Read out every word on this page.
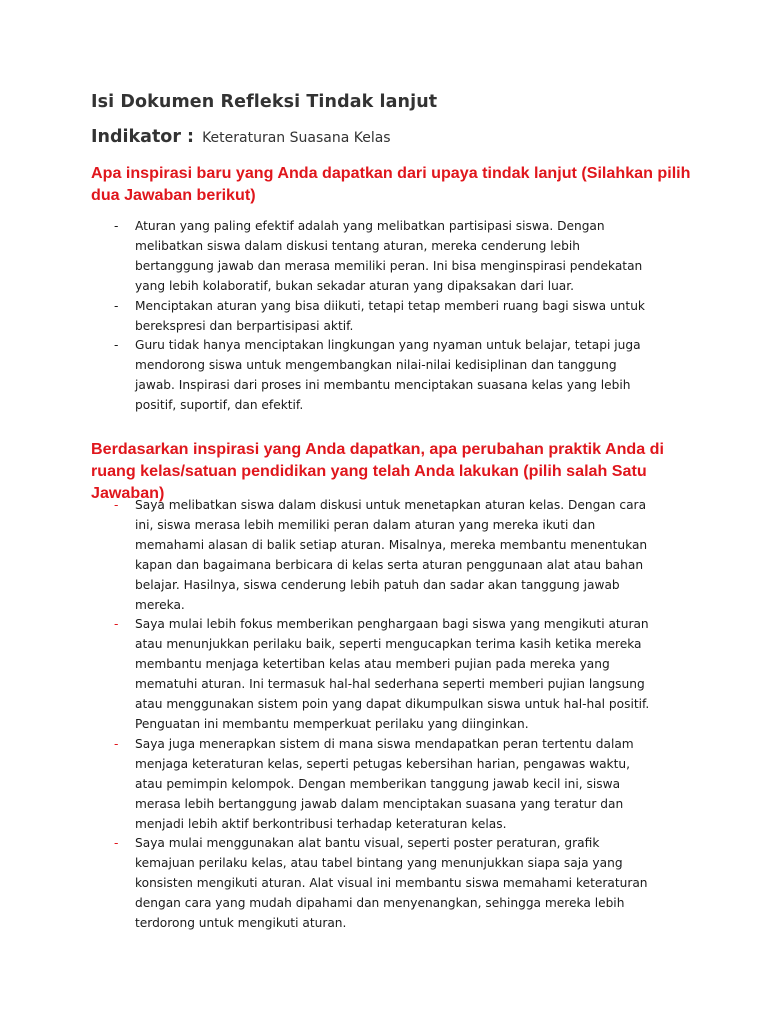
Isi Dokumen Refleksi Tindak lanjut
Indikator : Keteraturan Suasana Kelas
Apa inspirasi baru yang Anda dapatkan dari upaya tindak lanjut (Silahkan pilih dua Jawaban berikut)
- Aturan yang paling efektif adalah yang melibatkan partisipasi siswa. Dengan melibatkan siswa dalam diskusi tentang aturan, mereka cenderung lebih bertanggung jawab dan merasa memiliki peran. Ini bisa menginspirasi pendekatan yang lebih kolaboratif, bukan sekadar aturan yang dipaksakan dari luar.
- Menciptakan aturan yang bisa diikuti, tetapi tetap memberi ruang bagi siswa untuk berekspresi dan berpartisipasi aktif.
- Guru tidak hanya menciptakan lingkungan yang nyaman untuk belajar, tetapi juga mendorong siswa untuk mengembangkan nilai-nilai kedisiplinan dan tanggung jawab. Inspirasi dari proses ini membantu menciptakan suasana kelas yang lebih positif, suportif, dan efektif.
Berdasarkan inspirasi yang Anda dapatkan, apa perubahan praktik Anda di ruang kelas/satuan pendidikan yang telah Anda lakukan (pilih salah Satu Jawaban)
- Saya melibatkan siswa dalam diskusi untuk menetapkan aturan kelas. Dengan cara ini, siswa merasa lebih memiliki peran dalam aturan yang mereka ikuti dan memahami alasan di balik setiap aturan. Misalnya, mereka membantu menentukan kapan dan bagaimana berbicara di kelas serta aturan penggunaan alat atau bahan belajar. Hasilnya, siswa cenderung lebih patuh dan sadar akan tanggung jawab mereka.
- Saya mulai lebih fokus memberikan penghargaan bagi siswa yang mengikuti aturan atau menunjukkan perilaku baik, seperti mengucapkan terima kasih ketika mereka membantu menjaga ketertiban kelas atau memberi pujian pada mereka yang mematuhi aturan. Ini termasuk hal-hal sederhana seperti memberi pujian langsung atau menggunakan sistem poin yang dapat dikumpulkan siswa untuk hal-hal positif. Penguatan ini membantu memperkuat perilaku yang diinginkan.
- Saya juga menerapkan sistem di mana siswa mendapatkan peran tertentu dalam menjaga keteraturan kelas, seperti petugas kebersihan harian, pengawas waktu, atau pemimpin kelompok. Dengan memberikan tanggung jawab kecil ini, siswa merasa lebih bertanggung jawab dalam menciptakan suasana yang teratur dan menjadi lebih aktif berkontribusi terhadap keteraturan kelas.
- Saya mulai menggunakan alat bantu visual, seperti poster peraturan, grafik kemajuan perilaku kelas, atau tabel bintang yang menunjukkan siapa saja yang konsisten mengikuti aturan. Alat visual ini membantu siswa memahami keteraturan dengan cara yang mudah dipahami dan menyenangkan, sehingga mereka lebih terdorong untuk mengikuti aturan.
